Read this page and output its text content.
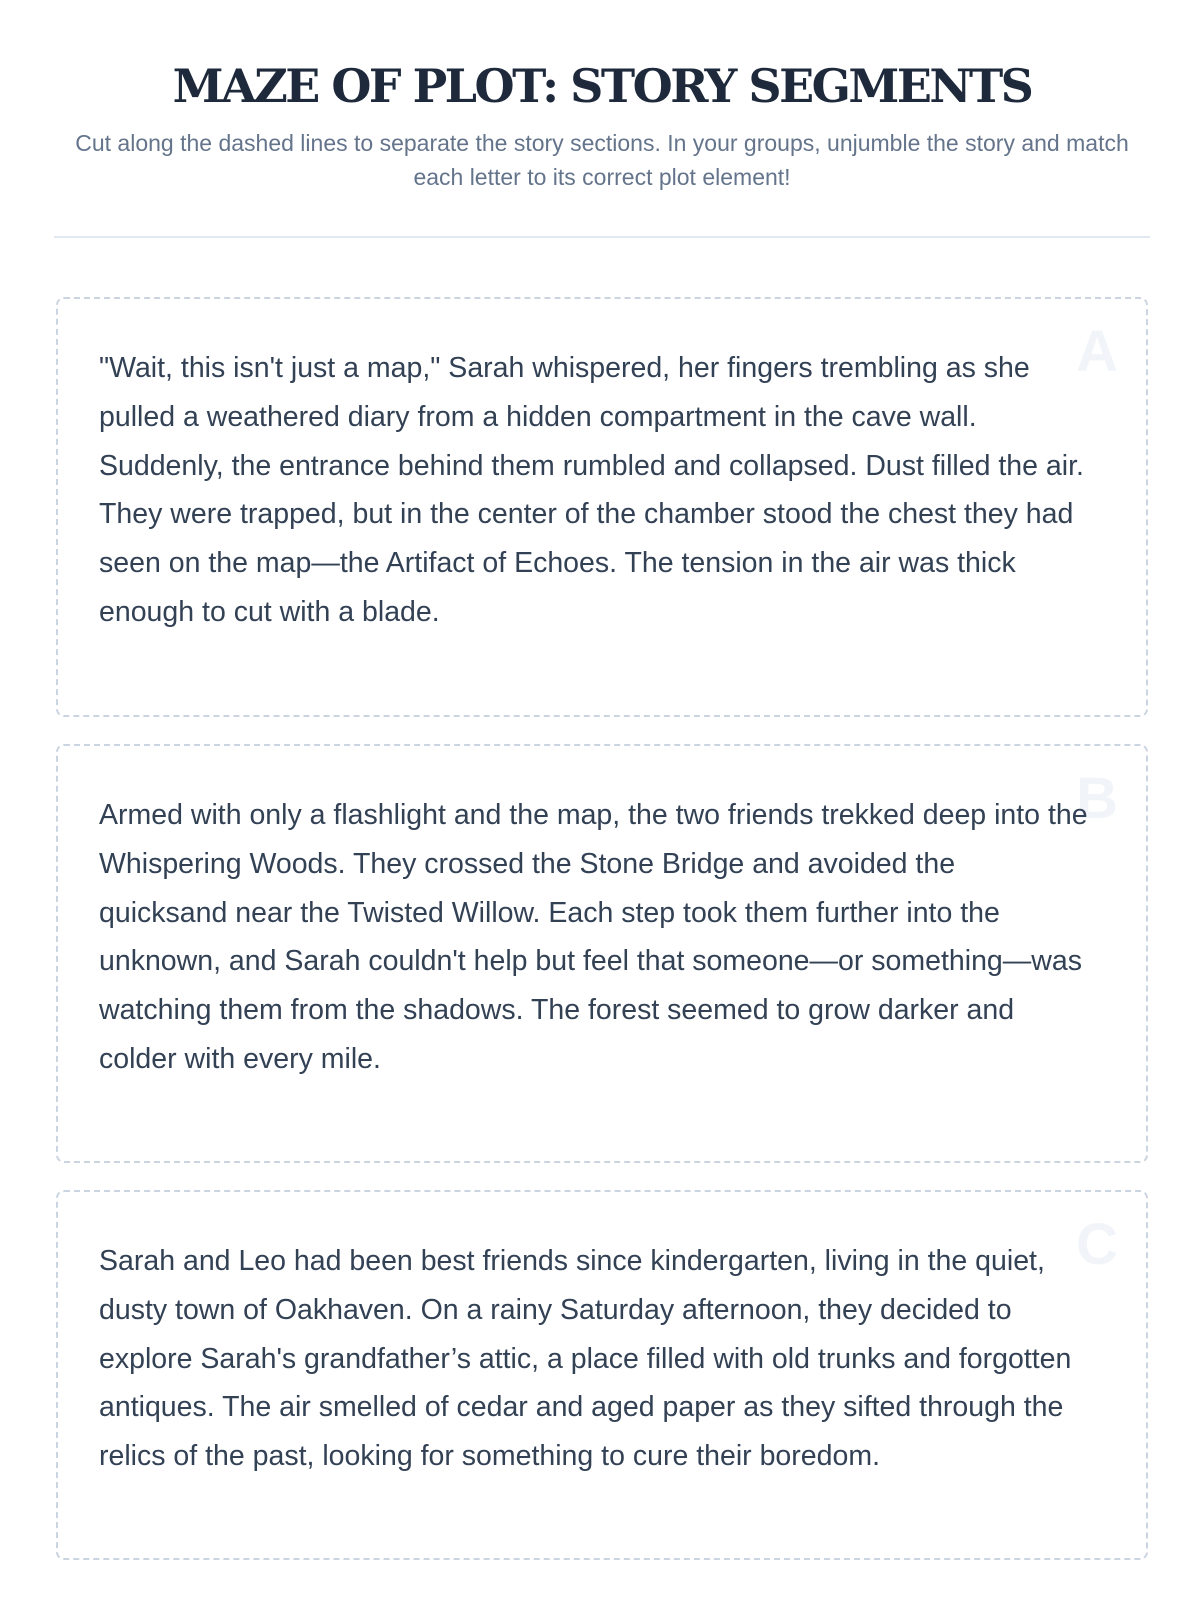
MAZE OF PLOT: STORY SEGMENTS

Cut along the dashed lines to separate the story sections. In your groups, unjumble the story and match each letter to its correct plot element!

A

"Wait, this isn't just a map," Sarah whispered, her fingers trembling as she pulled a weathered diary from a hidden compartment in the cave wall. Suddenly, the entrance behind them rumbled and collapsed. Dust filled the air. They were trapped, but in the center of the chamber stood the chest they had seen on the map—the Artifact of Echoes. The tension in the air was thick enough to cut with a blade.

B

Armed with only a flashlight and the map, the two friends trekked deep into the Whispering Woods. They crossed the Stone Bridge and avoided the quicksand near the Twisted Willow. Each step took them further into the unknown, and Sarah couldn't help but feel that someone—or something—was watching them from the shadows. The forest seemed to grow darker and colder with every mile.

C

Sarah and Leo had been best friends since kindergarten, living in the quiet, dusty town of Oakhaven. On a rainy Saturday afternoon, they decided to explore Sarah's grandfather’s attic, a place filled with old trunks and forgotten antiques. The air smelled of cedar and aged paper as they sifted through the relics of the past, looking for something to cure their boredom.
